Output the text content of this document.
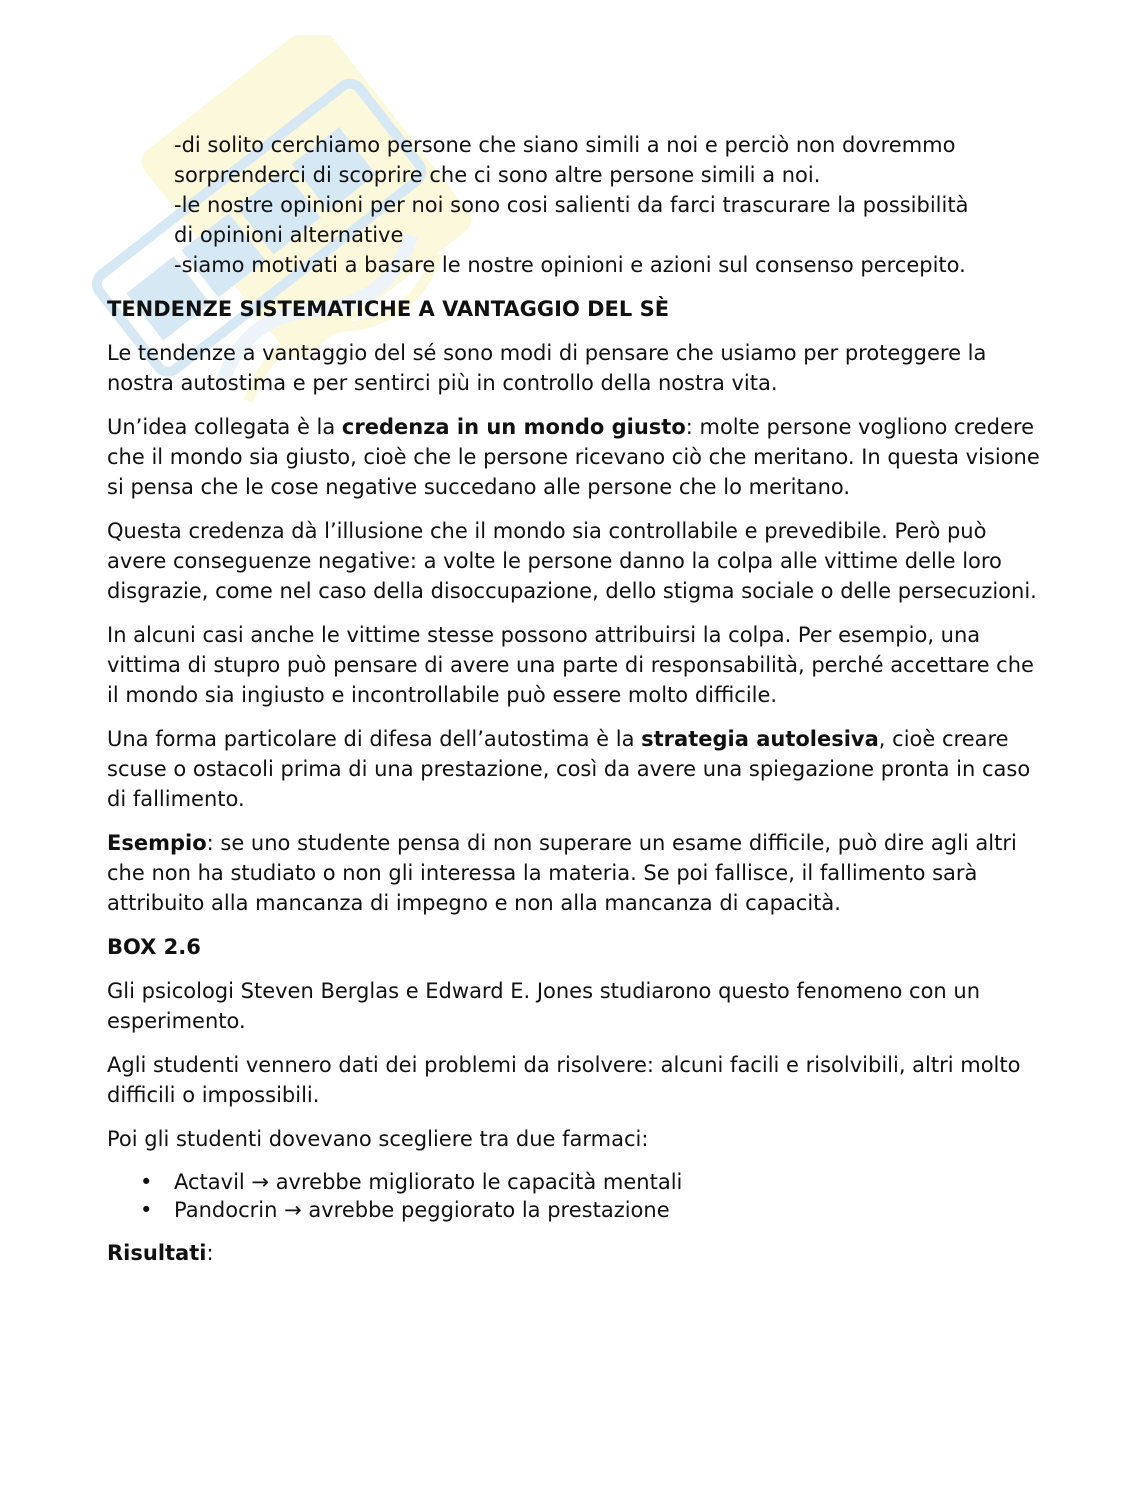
-di solito cerchiamo persone che siano simili a noi e perciò non dovremmo

sorprenderci di scoprire che ci sono altre persone simili a noi.

-le nostre opinioni per noi sono cosi salienti da farci trascurare la possibilità

di opinioni alternative

-siamo motivati a basare le nostre opinioni e azioni sul consenso percepito.

TENDENZE SISTEMATICHE A VANTAGGIO DEL SÈ

Le tendenze a vantaggio del sé sono modi di pensare che usiamo per proteggere la nostra autostima e per sentirci più in controllo della nostra vita.

Un’idea collegata è la credenza in un mondo giusto: molte persone vogliono credere che il mondo sia giusto, cioè che le persone ricevano ciò che meritano. In questa visione si pensa che le cose negative succedano alle persone che lo meritano.

Questa credenza dà l’illusione che il mondo sia controllabile e prevedibile. Però può avere conseguenze negative: a volte le persone danno la colpa alle vittime delle loro disgrazie, come nel caso della disoccupazione, dello stigma sociale o delle persecuzioni.

In alcuni casi anche le vittime stesse possono attribuirsi la colpa. Per esempio, una vittima di stupro può pensare di avere una parte di responsabilità, perché accettare che il mondo sia ingiusto e incontrollabile può essere molto difficile.

Una forma particolare di difesa dell’autostima è la strategia autolesiva, cioè creare scuse o ostacoli prima di una prestazione, così da avere una spiegazione pronta in caso di fallimento.

Esempio: se uno studente pensa di non superare un esame difficile, può dire agli altri che non ha studiato o non gli interessa la materia. Se poi fallisce, il fallimento sarà attribuito alla mancanza di impegno e non alla mancanza di capacità.

BOX 2.6

Gli psicologi Steven Berglas e Edward E. Jones studiarono questo fenomeno con un esperimento.

Agli studenti vennero dati dei problemi da risolvere: alcuni facili e risolvibili, altri molto difficili o impossibili.

Poi gli studenti dovevano scegliere tra due farmaci:

• Actavil → avrebbe migliorato le capacità mentali
• Pandocrin → avrebbe peggiorato la prestazione

Risultati:
